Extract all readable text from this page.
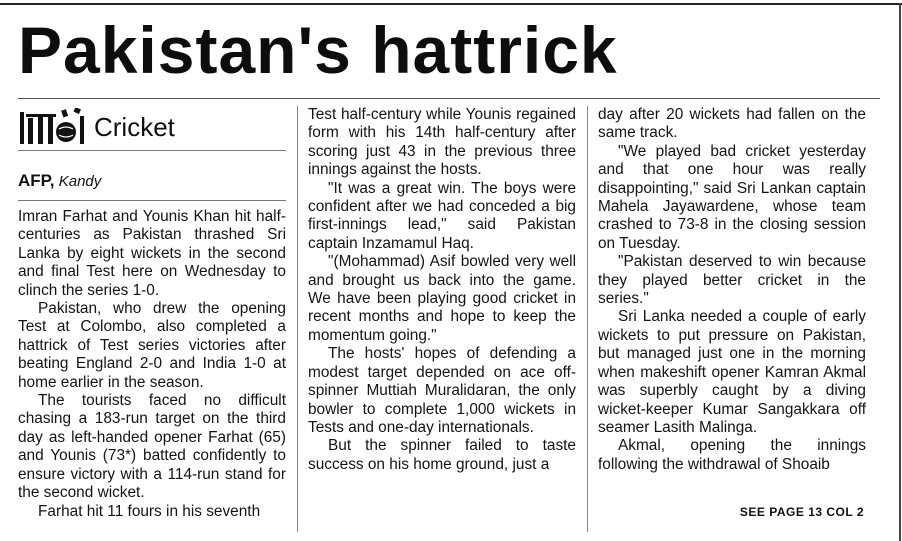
Pakistan's hattrick
Cricket
AFP, Kandy

Imran Farhat and Younis Khan hit half-centuries as Pakistan thrashed Sri Lanka by eight wickets in the second and final Test here on Wednesday to clinch the series 1-0.

Pakistan, who drew the opening Test at Colombo, also completed a hattrick of Test series victories after beating England 2-0 and India 1-0 at home earlier in the season.

The tourists faced no difficult chasing a 183-run target on the third day as left-handed opener Farhat (65) and Younis (73*) batted confidently to ensure victory with a 114-run stand for the second wicket.

Farhat hit 11 fours in his seventh

Test half-century while Younis regained form with his 14th half-century after scoring just 43 in the previous three innings against the hosts.

"It was a great win. The boys were confident after we had conceded a big first-innings lead," said Pakistan captain Inzamamul Haq.

"(Mohammad) Asif bowled very well and brought us back into the game. We have been playing good cricket in recent months and hope to keep the momentum going."

The hosts' hopes of defending a modest target depended on ace off-spinner Muttiah Muralidaran, the only bowler to complete 1,000 wickets in Tests and one-day internationals.

But the spinner failed to taste success on his home ground, just a

day after 20 wickets had fallen on the same track.

"We played bad cricket yesterday and that one hour was really disappointing," said Sri Lankan captain Mahela Jayawardene, whose team crashed to 73-8 in the closing session on Tuesday.

"Pakistan deserved to win because they played better cricket in the series."

Sri Lanka needed a couple of early wickets to put pressure on Pakistan, but managed just one in the morning when makeshift opener Kamran Akmal was superbly caught by a diving wicket-keeper Kumar Sangakkara off seamer Lasith Malinga.

Akmal, opening the innings following the withdrawal of Shoaib

SEE PAGE 13 COL 2
